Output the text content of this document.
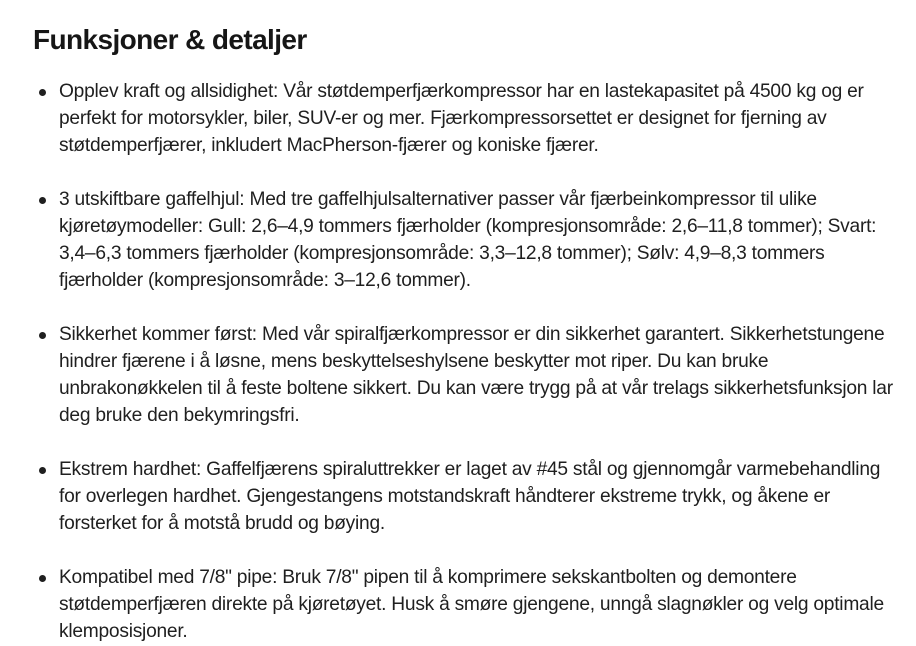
Funksjoner & detaljer
Opplev kraft og allsidighet: Vår støtdemperfjærkompressor har en lastekapasitet på 4500 kg og er perfekt for motorsykler, biler, SUV-er og mer. Fjærkompressorsettet er designet for fjerning av støtdemperfjærer, inkludert MacPherson-fjærer og koniske fjærer.
3 utskiftbare gaffelhjul: Med tre gaffelhjulsalternativer passer vår fjærbeinkompressor til ulike kjøretøymodeller: Gull: 2,6–4,9 tommers fjærholder (kompresjonsområde: 2,6–11,8 tommer); Svart: 3,4–6,3 tommers fjærholder (kompresjonsområde: 3,3–12,8 tommer); Sølv: 4,9–8,3 tommers fjærholder (kompresjonsområde: 3–12,6 tommer).
Sikkerhet kommer først: Med vår spiralfjærkompressor er din sikkerhet garantert. Sikkerhetstungene hindrer fjærene i å løsne, mens beskyttelseshylsene beskytter mot riper. Du kan bruke unbrakonøkkelen til å feste boltene sikkert. Du kan være trygg på at vår trelags sikkerhetsfunksjon lar deg bruke den bekymringsfri.
Ekstrem hardhet: Gaffelfjærens spiraluttrekker er laget av #45 stål og gjennomgår varmebehandling for overlegen hardhet. Gjengestangens motstandskraft håndterer ekstreme trykk, og åkene er forsterket for å motstå brudd og bøying.
Kompatibel med 7/8" pipe: Bruk 7/8" pipen til å komprimere sekskantbolten og demontere støtdemperfjæren direkte på kjøretøyet. Husk å smøre gjengene, unngå slagnøkler og velg optimale klemposisjoner.
